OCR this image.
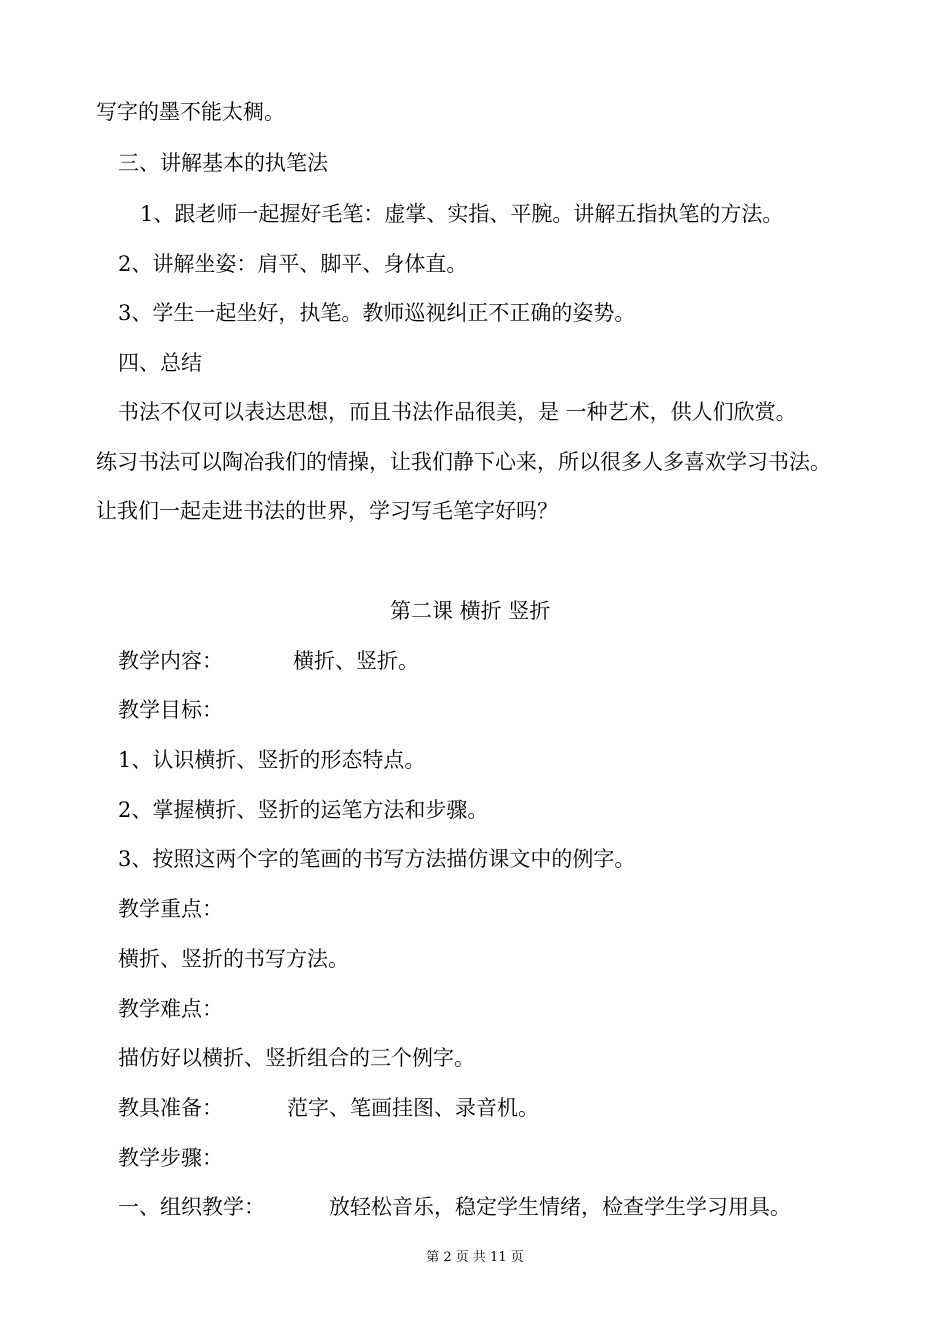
写字的墨不能太稠。
三、讲解基本的执笔法
1、跟老师一起握好毛笔：虚掌、实指、平腕。讲解五指执笔的方法。
2、讲解坐姿：肩平、脚平、身体直。
3、学生一起坐好，执笔。教师巡视纠正不正确的姿势。
四、总结
书法不仅可以表达思想，而且书法作品很美，是 一种艺术，供人们欣赏。
练习书法可以陶冶我们的情操，让我们静下心来，所以很多人多喜欢学习书法。
让我们一起走进书法的世界，学习写毛笔字好吗？
第二课 横折 竖折
教学内容：	横折、竖折。
教学目标：
1、认识横折、竖折的形态特点。
2、掌握横折、竖折的运笔方法和步骤。
3、按照这两个字的笔画的书写方法描仿课文中的例字。
教学重点：
横折、竖折的书写方法。
教学难点：
描仿好以横折、竖折组合的三个例字。
教具准备：	范字、笔画挂图、录音机。
教学步骤：
一、组织教学：	放轻松音乐，稳定学生情绪，检查学生学习用具。
第 2 页 共 11 页
